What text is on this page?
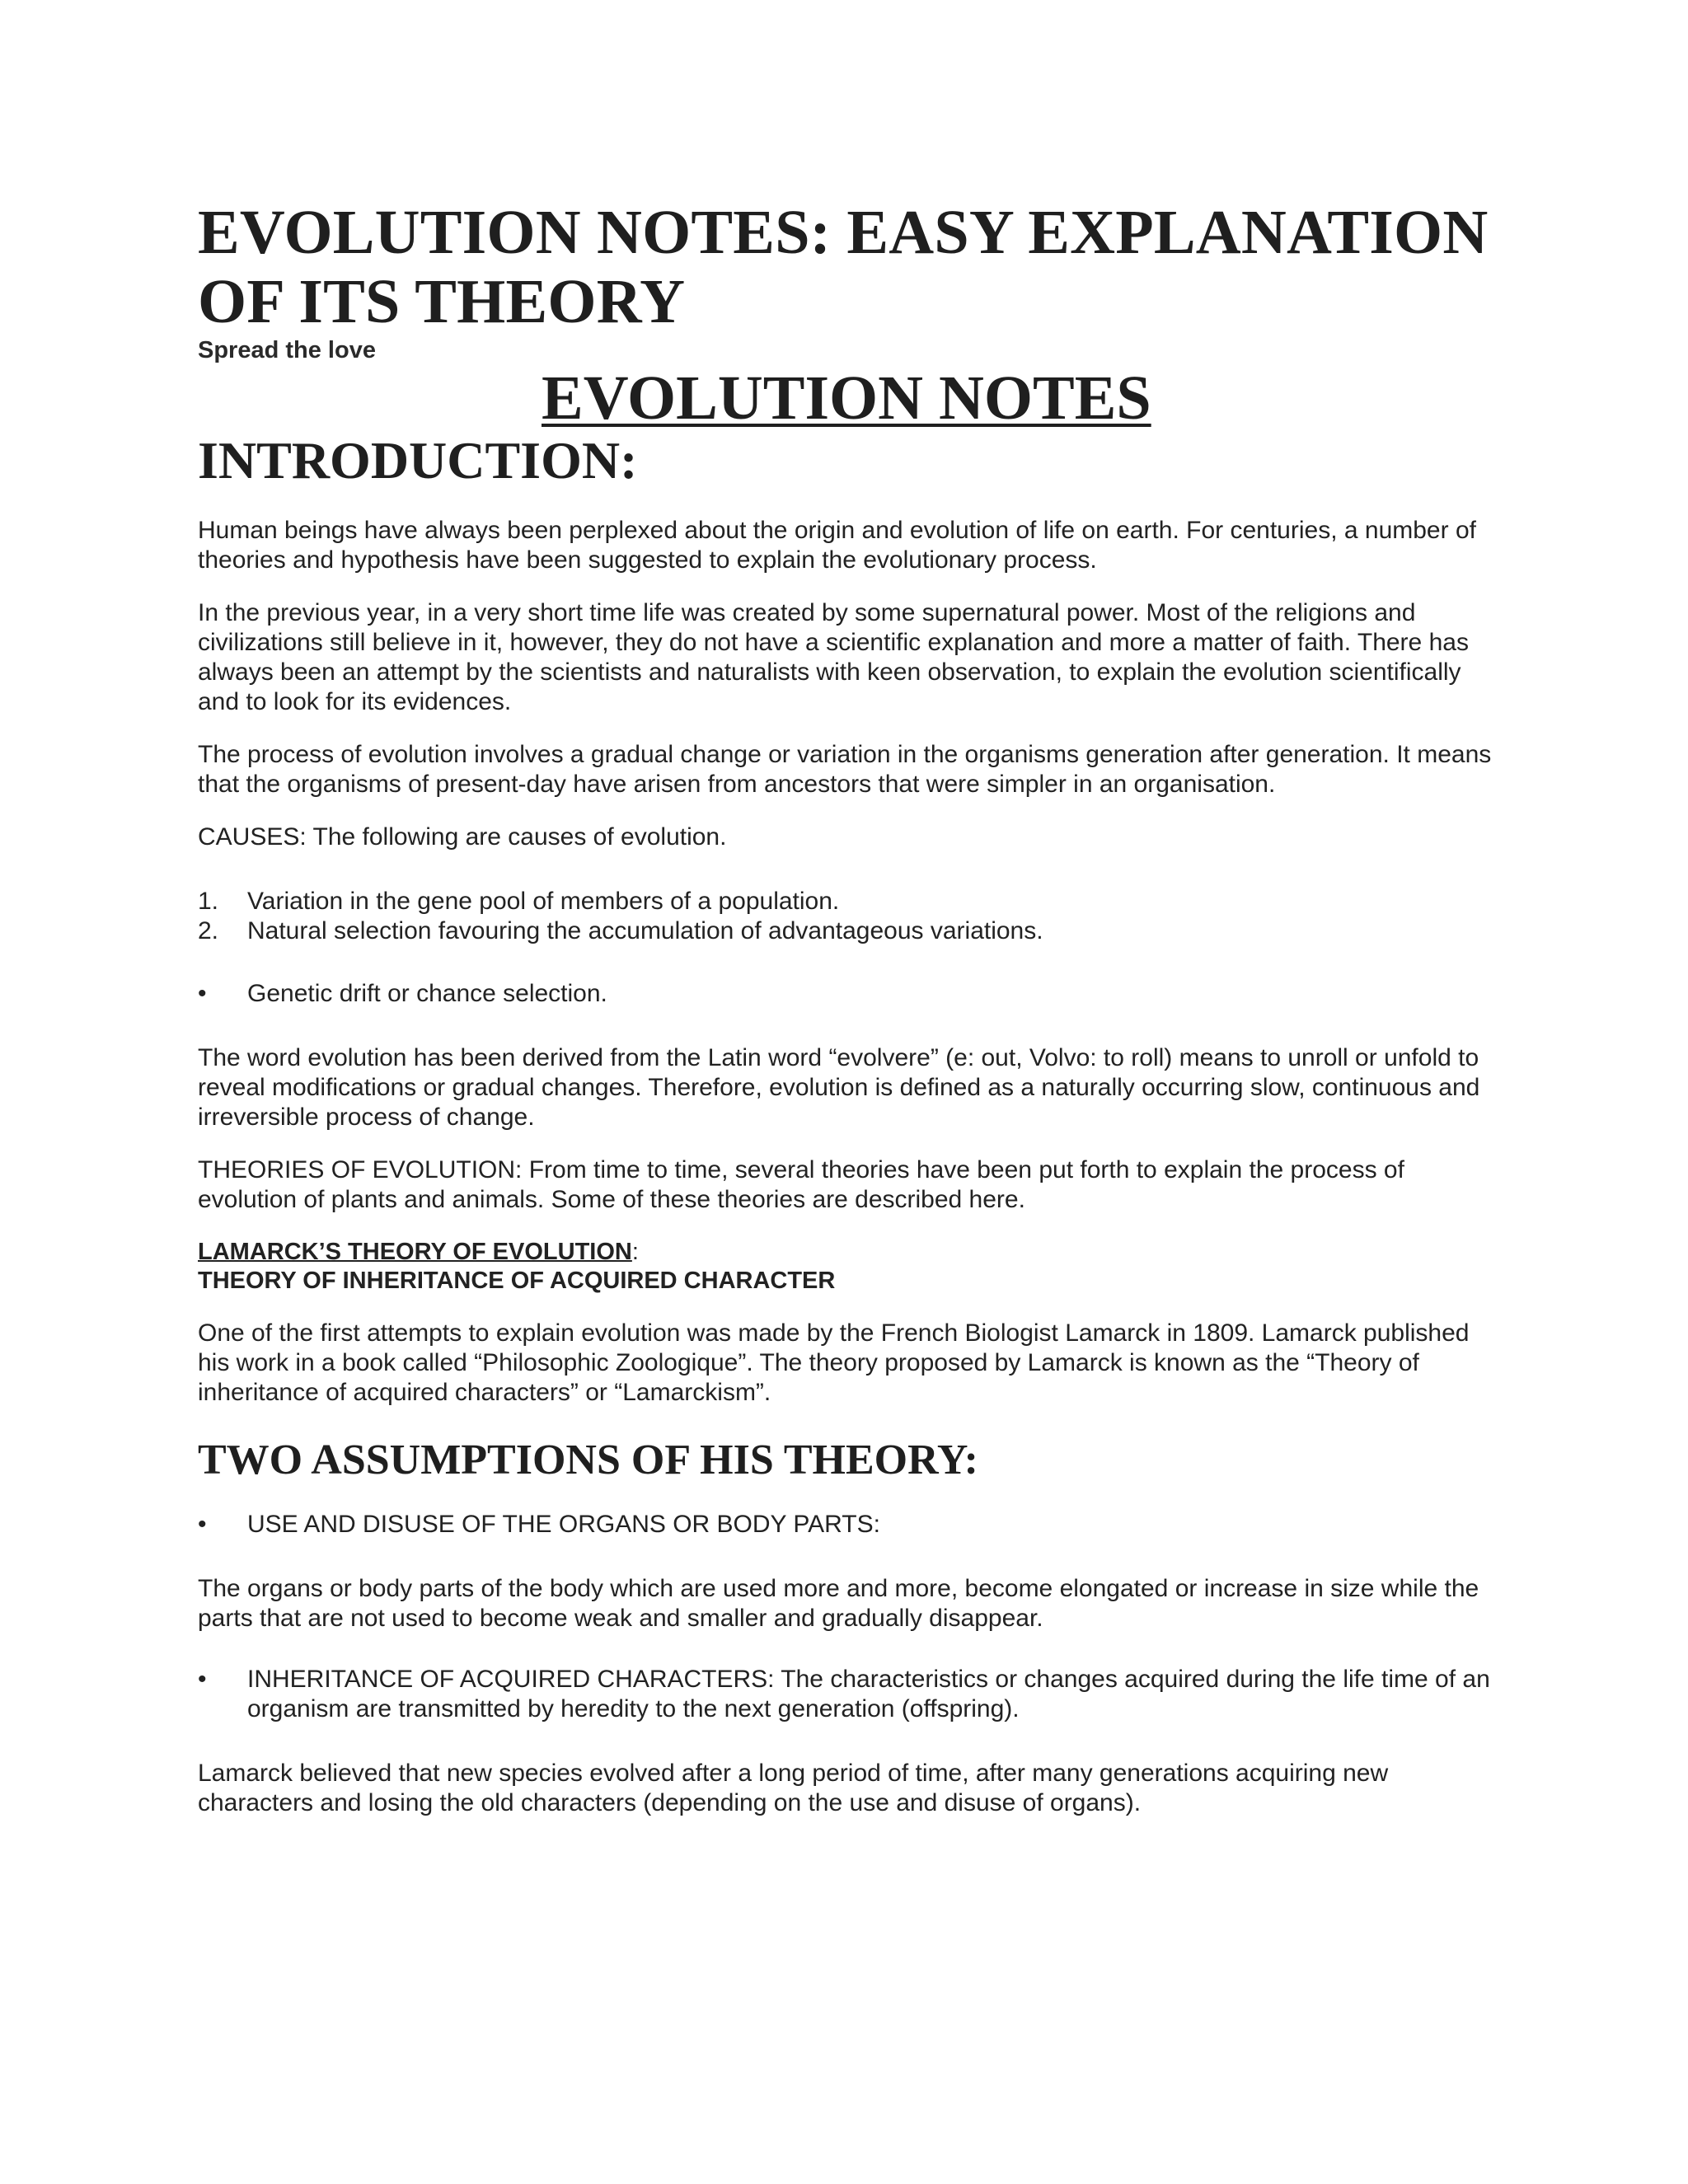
EVOLUTION NOTES: EASY EXPLANATION
OF ITS THEORY

Spread the love

EVOLUTION NOTES
INTRODUCTION:

Human beings have always been perplexed about the origin and evolution of life on earth. For centuries, a number of theories and hypothesis have been suggested to explain the evolutionary process.

In the previous year, in a very short time life was created by some supernatural power. Most of the religions and civilizations still believe in it, however, they do not have a scientific explanation and more a matter of faith. There has always been an attempt by the scientists and naturalists with keen observation, to explain the evolution scientifically and to look for its evidences.

The process of evolution involves a gradual change or variation in the organisms generation after generation. It means that the organisms of present-day have arisen from ancestors that were simpler in an organisation.

CAUSES: The following are causes of evolution.

1.	Variation in the gene pool of members of a population.
2.	Natural selection favouring the accumulation of advantageous variations.
•	Genetic drift or chance selection.

The word evolution has been derived from the Latin word “evolvere” (e: out, Volvo: to roll) means to unroll or unfold to reveal modifications or gradual changes. Therefore, evolution is defined as a naturally occurring slow, continuous and irreversible process of change.

THEORIES OF EVOLUTION: From time to time, several theories have been put forth to explain the process of evolution of plants and animals. Some of these theories are described here.

LAMARCK’S THEORY OF EVOLUTION:
THEORY OF INHERITANCE OF ACQUIRED CHARACTER

One of the first attempts to explain evolution was made by the French Biologist Lamarck in 1809. Lamarck published his work in a book called “Philosophic Zoologique”. The theory proposed by Lamarck is known as the “Theory of inheritance of acquired characters” or “Lamarckism”.

TWO ASSUMPTIONS OF HIS THEORY:
•	USE AND DISUSE OF THE ORGANS OR BODY PARTS:

The organs or body parts of the body which are used more and more, become elongated or increase in size while the parts that are not used to become weak and smaller and gradually disappear.

•	INHERITANCE OF ACQUIRED CHARACTERS: The characteristics or changes acquired during the life time of an organism are transmitted by heredity to the next generation (offspring).

Lamarck believed that new species evolved after a long period of time, after many generations acquiring new characters and losing the old characters (depending on the use and disuse of organs).
